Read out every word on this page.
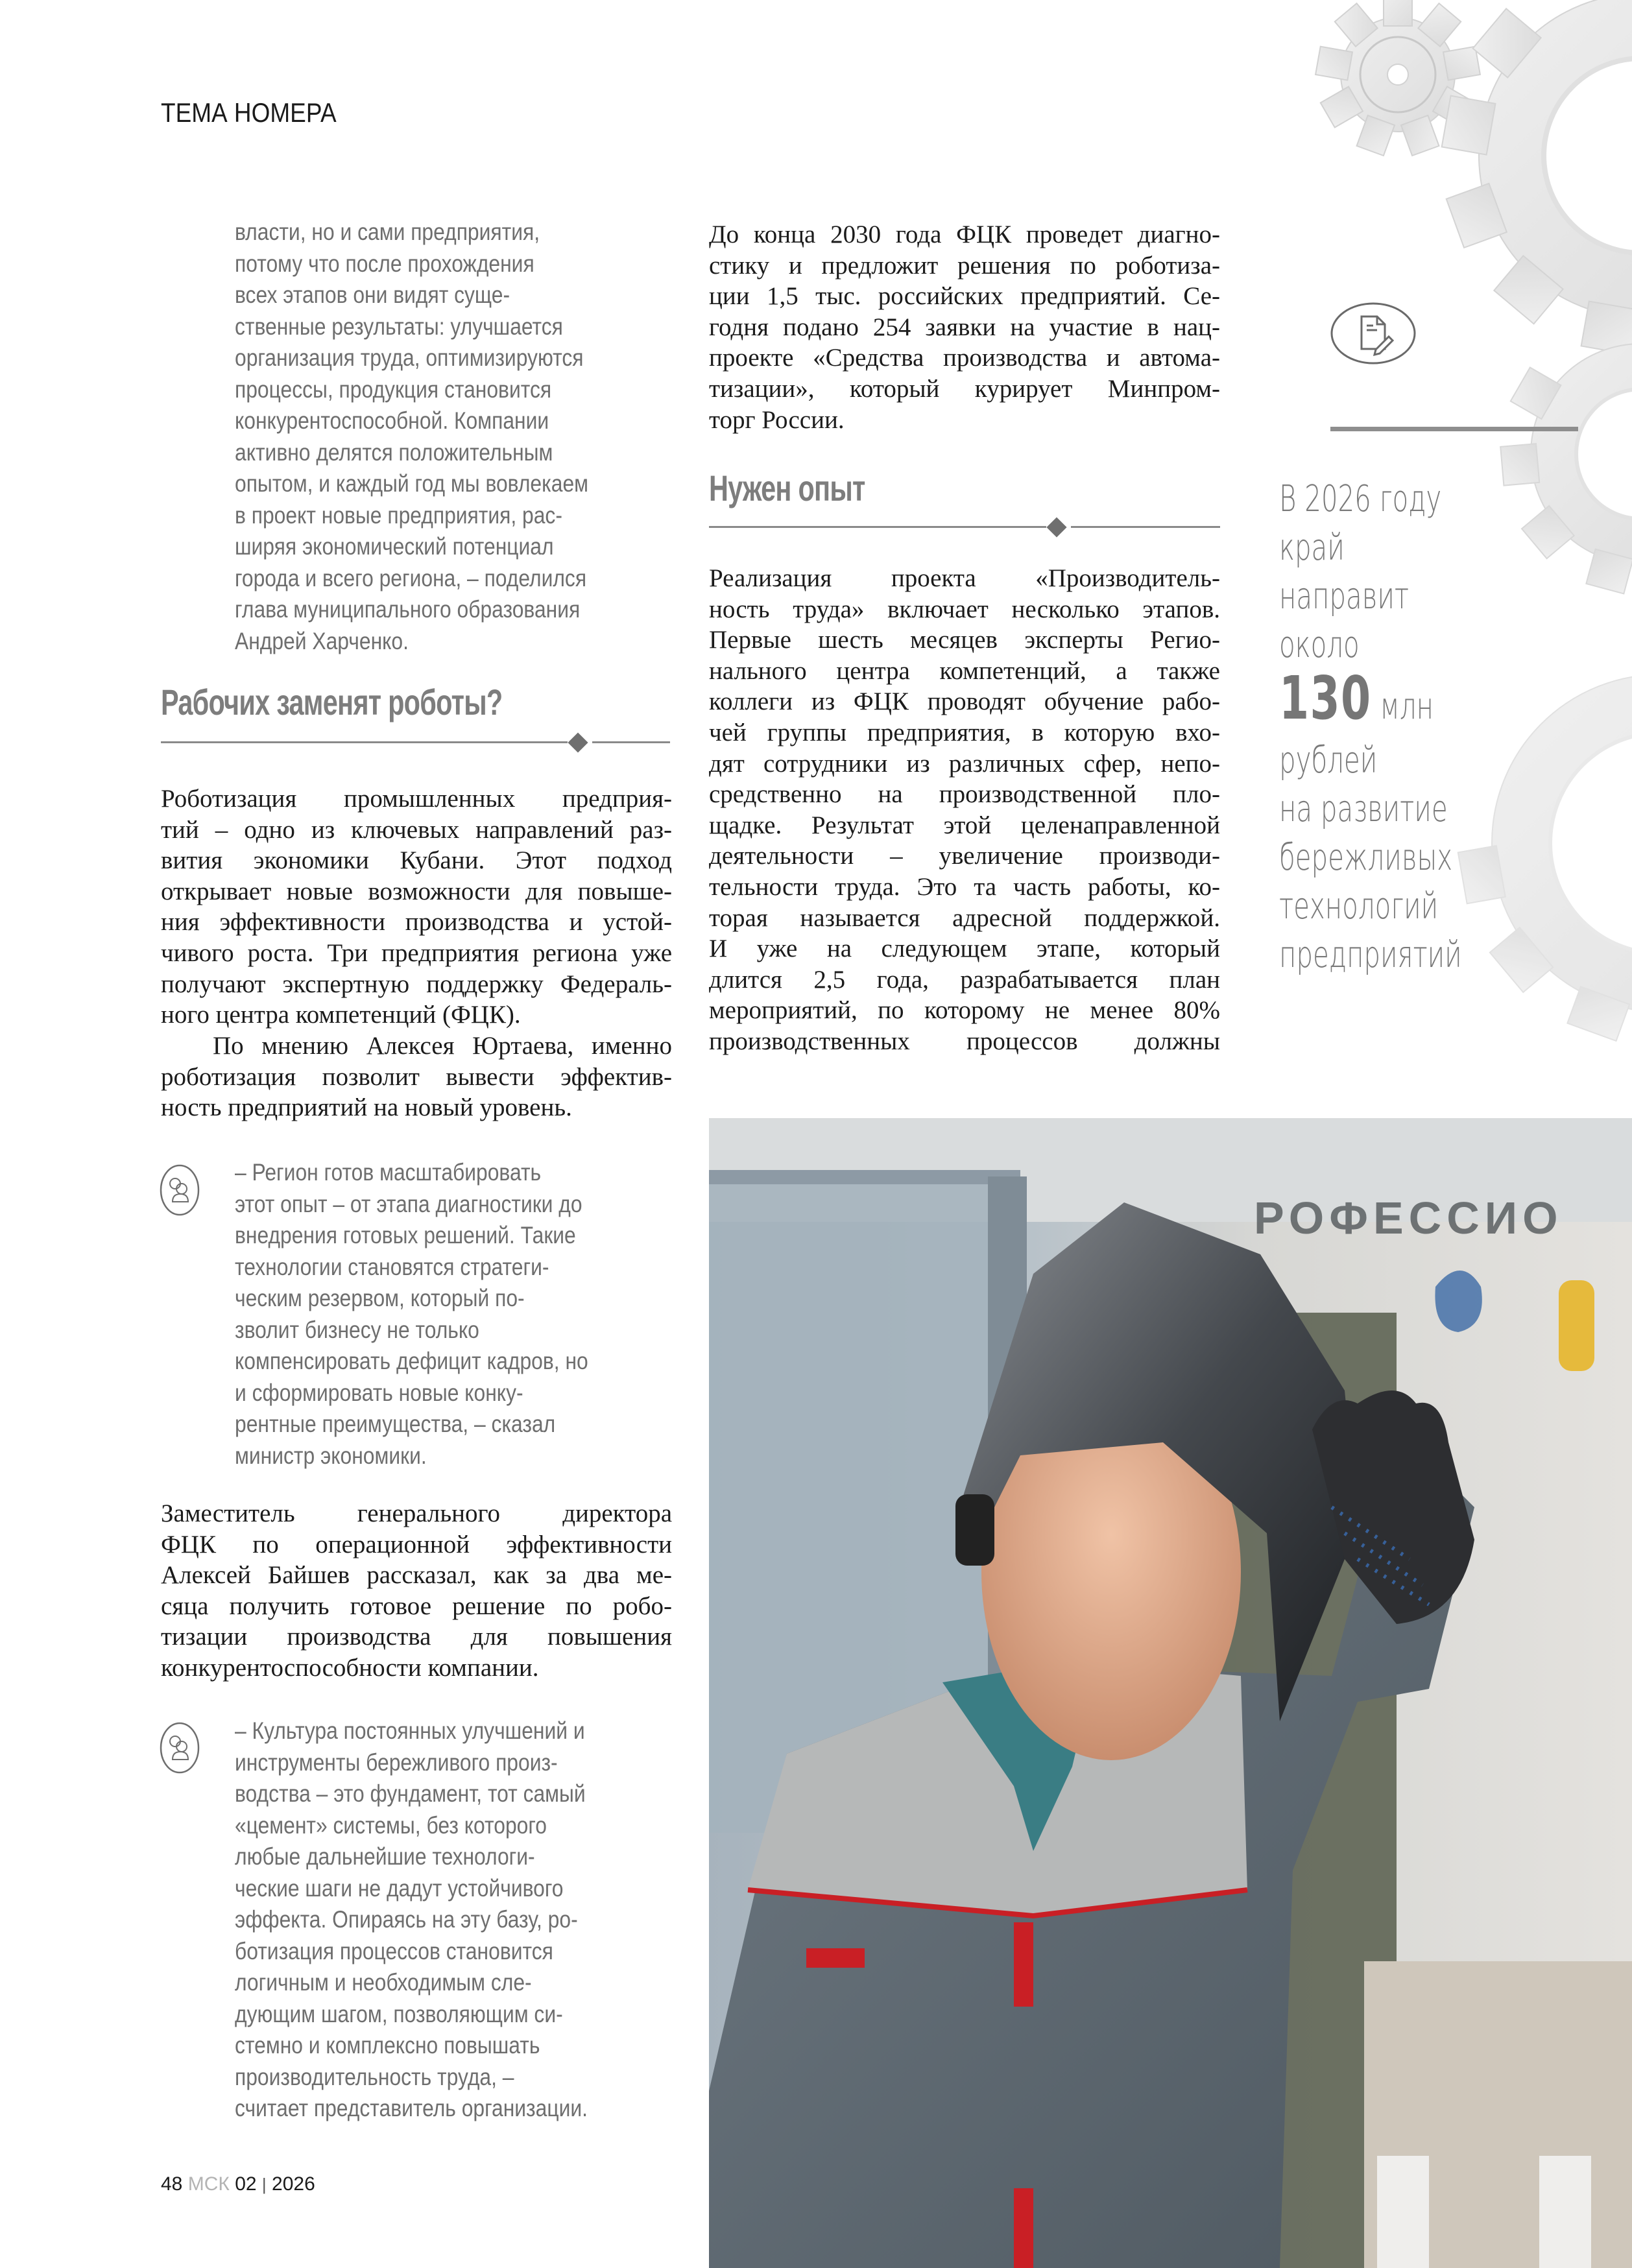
ТЕМА НОМЕРА
власти, но и сами предприятия,
потому что после прохождения
всех этапов они видят суще-
ственные результаты: улучшается
организация труда, оптимизируются
процессы, продукция становится
конкурентоспособной. Компании
активно делятся положительным
опытом, и каждый год мы вовлекаем
в проект новые предприятия, рас-
ширяя экономический потенциал
города и всего региона, – поделился
глава муниципального образования
Андрей Харченко.
Рабочих заменят роботы?
Роботизация промышленных предприя-
тий – одно из ключевых направлений раз-
вития экономики Кубани. Этот подход
открывает новые возможности для повыше-
ния эффективности производства и устой-
чивого роста. Три предприятия региона уже
получают экспертную поддержку Федераль-
ного центра компетенций (ФЦК).
По мнению Алексея Юртаева, именно
роботизация позволит вывести эффектив-
ность предприятий на новый уровень.
– Регион готов масштабировать
этот опыт – от этапа диагностики до
внедрения готовых решений. Такие
технологии становятся стратеги-
ческим резервом, который по-
зволит бизнесу не только
компенсировать дефицит кадров, но
и сформировать новые конку-
рентные преимущества, – сказал
министр экономики.
Заместитель генерального директора
ФЦК по операционной эффективности
Алексей Байшев рассказал, как за два ме-
сяца получить готовое решение по робо-
тизации производства для повышения
конкурентоспособности компании.
– Культура постоянных улучшений и
инструменты бережливого произ-
водства – это фундамент, тот самый
«цемент» системы, без которого
любые дальнейшие технологи-
ческие шаги не дадут устойчивого
эффекта. Опираясь на эту базу, ро-
ботизация процессов становится
логичным и необходимым сле-
дующим шагом, позволяющим си-
стемно и комплексно повышать
производительность труда, –
считает представитель организации.
До конца 2030 года ФЦК проведет диагно-
стику и предложит решения по роботиза-
ции 1,5 тыс. российских предприятий. Се-
годня подано 254 заявки на участие в нац-
проекте «Средства производства и автома-
тизации», который курирует Минпром-
торг России.
Нужен опыт
Реализация проекта «Производитель-
ность труда» включает несколько этапов.
Первые шесть месяцев эксперты Регио-
нального центра компетенций, а также
коллеги из ФЦК проводят обучение рабо-
чей группы предприятия, в которую вхо-
дят сотрудники из различных сфер, непо-
средственно на производственной пло-
щадке. Результат этой целенаправленной
деятельности – увеличение производи-
тельности труда. Это та часть работы, ко-
торая называется адресной поддержкой.
И уже на следующем этапе, который
длится 2,5 года, разрабатывается план
мероприятий, по которому не менее 80%
производственных процессов должны
В 2026 году
край
направит
около
130 млн
рублей
на развитие
бережливых
технологий
предприятий
РОФЕССИО
48 МСК 02 | 2026
